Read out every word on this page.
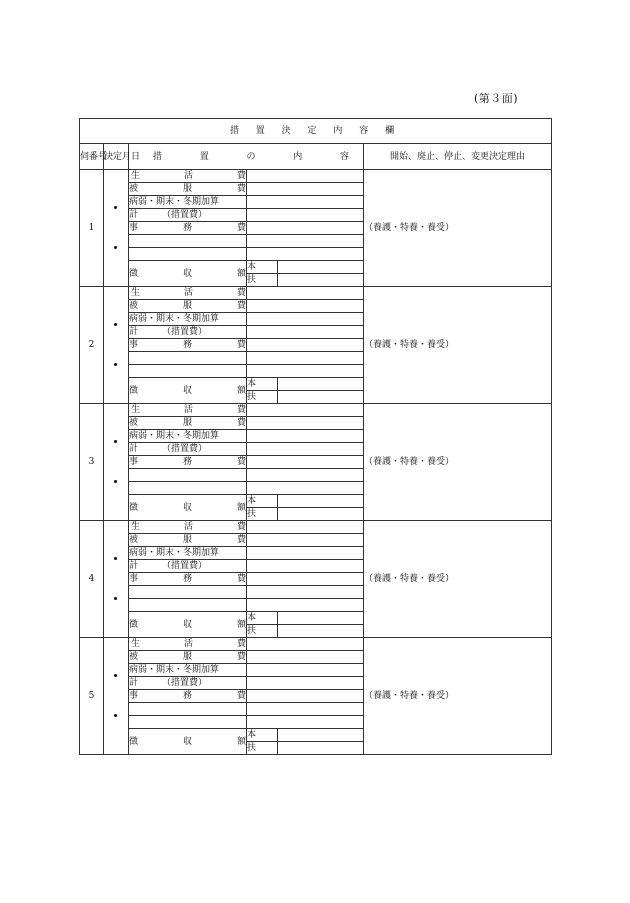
(第３面)
措 置 決 定 内 容 欄					
伺番号	決定月日	措 置 の 内 容			開始、廃止、停止、変更決定理由
1		生 活 費			（養護・特養・養受）

		被 服 費			

		病弱・期末・冬期加算			

		計 （措置費）			

		事 務 費			

		徴 収 額	本		
			扶		
2		生 活 費			（養護・特養・養受）

		被 服 費			

		病弱・期末・冬期加算			

		計 （措置費）			

		事 務 費			

		徴 収 額	本		
			扶		
3		生 活 費			（養護・特養・養受）

		被 服 費			

		病弱・期末・冬期加算			

		計 （措置費）			

		事 務 費			

		徴 収 額	本		
			扶		
4		生 活 費			（養護・特養・養受）

		被 服 費			

		病弱・期末・冬期加算			

		計 （措置費）			

		事 務 費			

		徴 収 額	本		
			扶		
5		生 活 費			（養護・特養・養受）

		被 服 費			

		病弱・期末・冬期加算			

		計 （措置費）			

		事 務 費			

		徴 収 額	本		
			扶		
